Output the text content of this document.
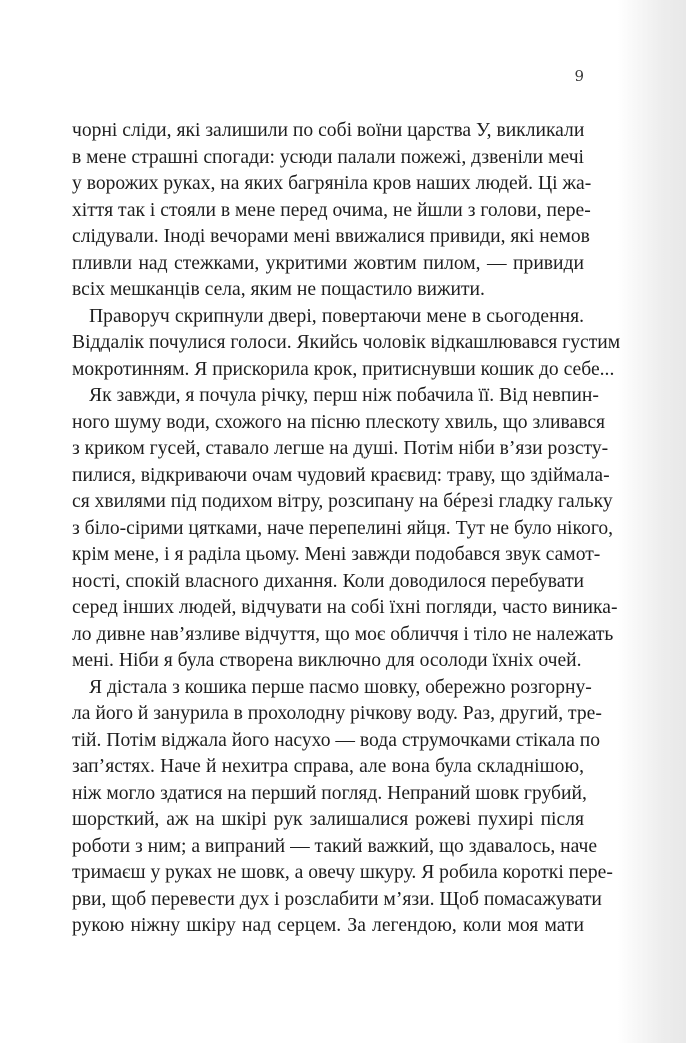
9
чорні сліди, які залишили по собі воїни царства У, викликали
в мене страшні спогади: усюди палали пожежі, дзвеніли мечі
у ворожих руках, на яких багряніла кров наших людей. Ці жа-
хіття так і стояли в мене перед очима, не йшли з голови, пере-
слідували. Іноді вечорами мені ввижалися привиди, які немов
пливли над стежками, укритими жовтим пилом, — привиди
всіх мешканців села, яким не пощастило вижити.
Праворуч скрипнули двері, повертаючи мене в сьогодення.
Віддалік почулися голоси. Якийсь чоловік відкашлювався густим
мокротинням. Я прискорила крок, притиснувши кошик до себе...
Як завжди, я почула річку, перш ніж побачила її. Від невпин-
ного шуму води, схожого на пісню плескоту хвиль, що зливався
з криком гусей, ставало легше на душі. Потім ніби в’язи розсту-
пилися, відкриваючи очам чудовий краєвид: траву, що здіймала-
ся хвилями під подихом вітру, розсипану на бéрезі гладку гальку
з біло-сірими цятками, наче перепелині яйця. Тут не було нікого,
крім мене, і я раділа цьому. Мені завжди подобався звук самот-
ності, спокій власного дихання. Коли доводилося перебувати
серед інших людей, відчувати на собі їхні погляди, часто виника-
ло дивне нав’язливе відчуття, що моє обличчя і тіло не належать
мені. Ніби я була створена виключно для осолоди їхніх очей.
Я дістала з кошика перше пасмо шовку, обережно розгорну-
ла його й занурила в прохолодну річкову воду. Раз, другий, тре-
тій. Потім віджала його насухо — вода струмочками стікала по
зап’ястях. Наче й нехитра справа, але вона була складнішою,
ніж могло здатися на перший погляд. Непраний шовк грубий,
шорсткий, аж на шкірі рук залишалися рожеві пухирі після
роботи з ним; а випраний — такий важкий, що здавалось, наче
тримаєш у руках не шовк, а овечу шкуру. Я робила короткі пере-
рви, щоб перевести дух і розслабити м’язи. Щоб помасажувати
рукою ніжну шкіру над серцем. За легендою, коли моя мати
